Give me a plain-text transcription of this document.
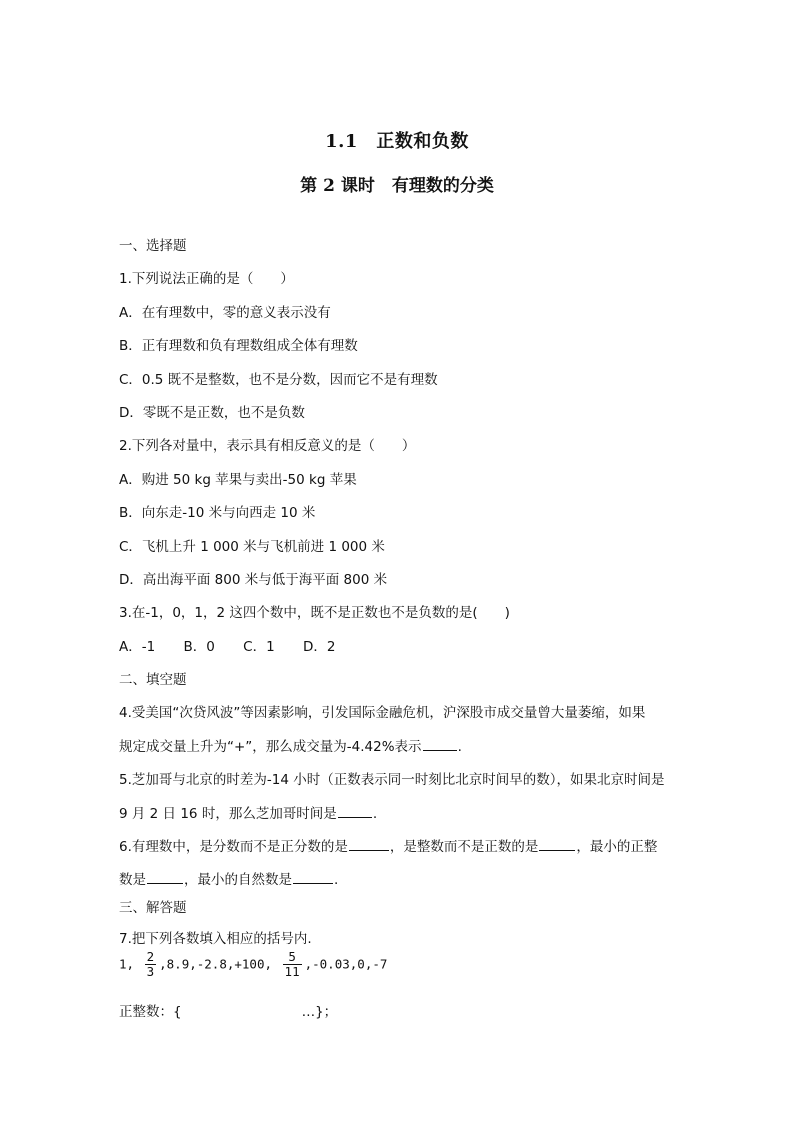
1.1　正数和负数
第 2 课时　有理数的分类
一、选择题
1.下列说法正确的是（　　）
A．在有理数中，零的意义表示没有
B．正有理数和负有理数组成全体有理数
C．0.5 既不是整数，也不是分数，因而它不是有理数
D．零既不是正数，也不是负数
2.下列各对量中，表示具有相反意义的是（　　）
A．购进 50 kg 苹果与卖出-50 kg 苹果
B．向东走-10 米与向西走 10 米
C．飞机上升 1 000 米与飞机前进 1 000 米
D．高出海平面 800 米与低于海平面 800 米
3.在-1，0，1，2 这四个数中，既不是正数也不是负数的是(　　)
A．-1 B．0 C．1 D．2
二、填空题
4.受美国“次贷风波”等因素影响，引发国际金融危机，沪深股市成交量曾大量萎缩，如果
规定成交量上升为“+”，那么成交量为-4.42%表示	.
5.芝加哥与北京的时差为-14 小时（正数表示同一时刻比北京时间早的数），如果北京时间是
9 月 2 日 16 时，那么芝加哥时间是	.
6.有理数中，是分数而不是正分数的是	，是整数而不是正数的是	，最小的正整
数是	，最小的自然数是	.
三、解答题
7.把下列各数填入相应的括号内.
1, $\frac{2}{3} ,8.9,-2.8,+100$, $\frac{5}{11} ,-0.03,0,-7$
正整数：{	…}；
